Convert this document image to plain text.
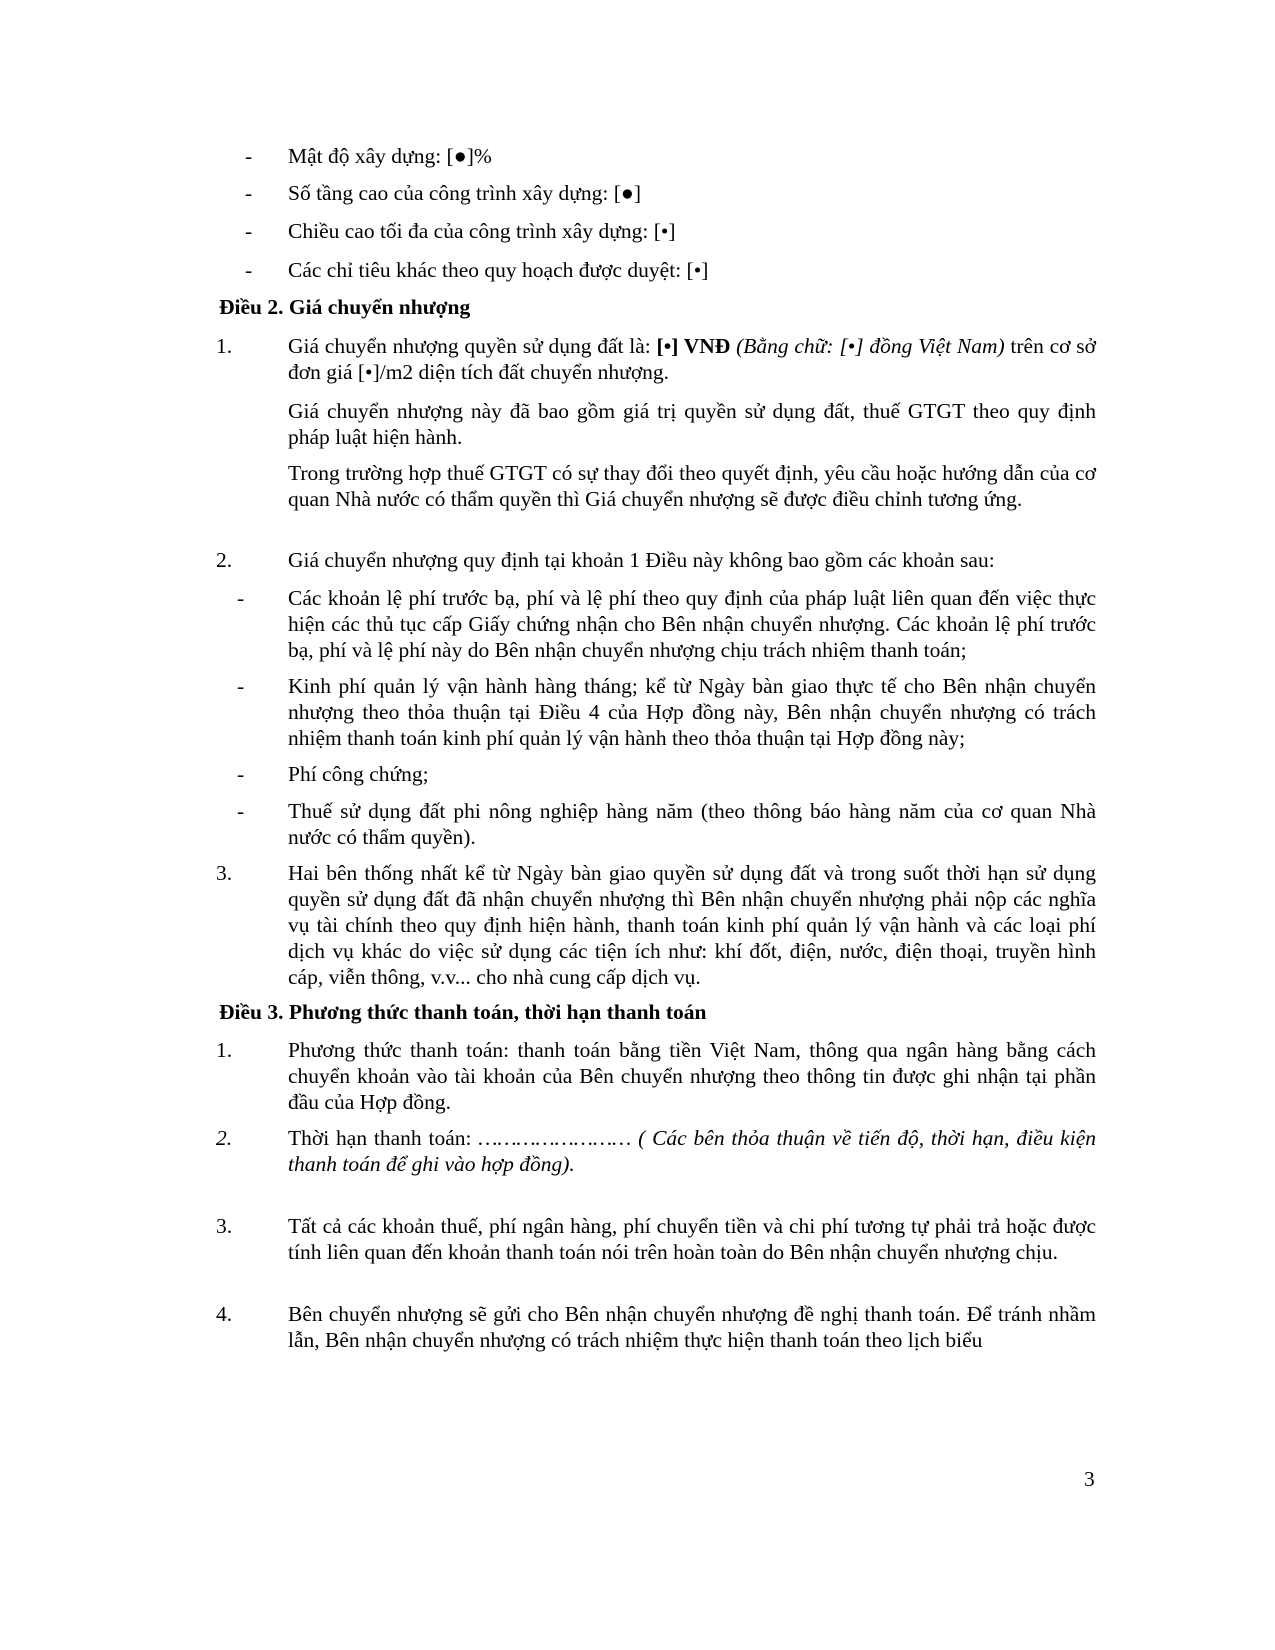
- Mật độ xây dựng: [●]%
- Số tầng cao của công trình xây dựng: [●]
- Chiều cao tối đa của công trình xây dựng: [•]
- Các chỉ tiêu khác theo quy hoạch được duyệt: [•]
Điều 2. Giá chuyển nhượng
1.	Giá chuyển nhượng quyền sử dụng đất là: [•] VNĐ (Bằng chữ: [•] đồng Việt Nam) trên cơ sở đơn giá [•]/m2 diện tích đất chuyển nhượng.
Giá chuyển nhượng này đã bao gồm giá trị quyền sử dụng đất, thuế GTGT theo quy định pháp luật hiện hành.
Trong trường hợp thuế GTGT có sự thay đổi theo quyết định, yêu cầu hoặc hướng dẫn của cơ quan Nhà nước có thẩm quyền thì Giá chuyển nhượng sẽ được điều chỉnh tương ứng.
2.	Giá chuyển nhượng quy định tại khoản 1 Điều này không bao gồm các khoản sau:
- Các khoản lệ phí trước bạ, phí và lệ phí theo quy định của pháp luật liên quan đến việc thực hiện các thủ tục cấp Giấy chứng nhận cho Bên nhận chuyển nhượng. Các khoản lệ phí trước bạ, phí và lệ phí này do Bên nhận chuyển nhượng chịu trách nhiệm thanh toán;
- Kinh phí quản lý vận hành hàng tháng; kể từ Ngày bàn giao thực tế cho Bên nhận chuyển nhượng theo thỏa thuận tại Điều 4 của Hợp đồng này, Bên nhận chuyển nhượng có trách nhiệm thanh toán kinh phí quản lý vận hành theo thỏa thuận tại Hợp đồng này;
- Phí công chứng;
- Thuế sử dụng đất phi nông nghiệp hàng năm (theo thông báo hàng năm của cơ quan Nhà nước có thẩm quyền).
3.	Hai bên thống nhất kể từ Ngày bàn giao quyền sử dụng đất và trong suốt thời hạn sử dụng quyền sử dụng đất đã nhận chuyển nhượng thì Bên nhận chuyển nhượng phải nộp các nghĩa vụ tài chính theo quy định hiện hành, thanh toán kinh phí quản lý vận hành và các loại phí dịch vụ khác do việc sử dụng các tiện ích như: khí đốt, điện, nước, điện thoại, truyền hình cáp, viễn thông, v.v... cho nhà cung cấp dịch vụ.
Điều 3. Phương thức thanh toán, thời hạn thanh toán
1.	Phương thức thanh toán: thanh toán bằng tiền Việt Nam, thông qua ngân hàng bằng cách chuyển khoản vào tài khoản của Bên chuyển nhượng theo thông tin được ghi nhận tại phần đầu của Hợp đồng.
2.	Thời hạn thanh toán: …………………… ( Các bên thỏa thuận về tiến độ, thời hạn, điều kiện thanh toán để ghi vào hợp đồng).
3.	Tất cả các khoản thuế, phí ngân hàng, phí chuyển tiền và chi phí tương tự phải trả hoặc được tính liên quan đến khoản thanh toán nói trên hoàn toàn do Bên nhận chuyển nhượng chịu.
4.	Bên chuyển nhượng sẽ gửi cho Bên nhận chuyển nhượng đề nghị thanh toán. Để tránh nhầm lẫn, Bên nhận chuyển nhượng có trách nhiệm thực hiện thanh toán theo lịch biểu
3
